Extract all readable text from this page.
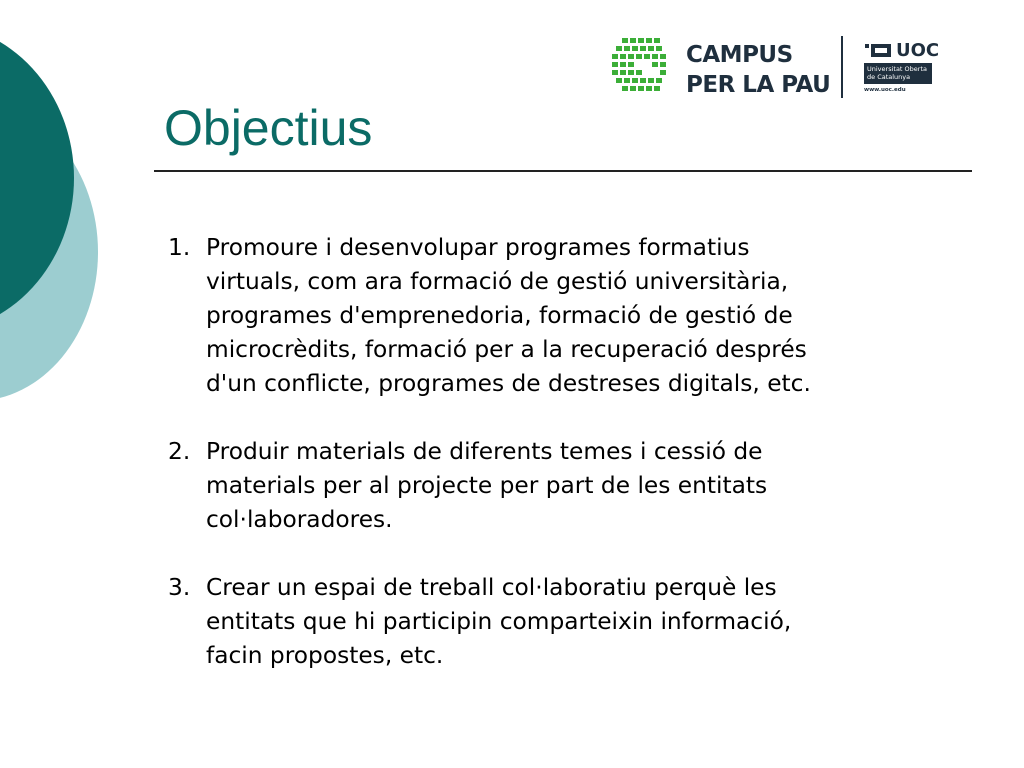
CAMPUS
PER LA PAU
UOC
Universitat Oberta
de Catalunya
www.uoc.edu
Objectius
1. Promoure i desenvolupar programes formatius
virtuals, com ara formació de gestió universitària,
programes d'emprenedoria, formació de gestió de
microcrèdits, formació per a la recuperació després
d'un conflicte, programes de destreses digitals, etc.
2. Produir materials de diferents temes i cessió de
materials per al projecte per part de les entitats
col·laboradores.
3. Crear un espai de treball col·laboratiu perquè les
entitats que hi participin comparteixin informació,
facin propostes, etc.
